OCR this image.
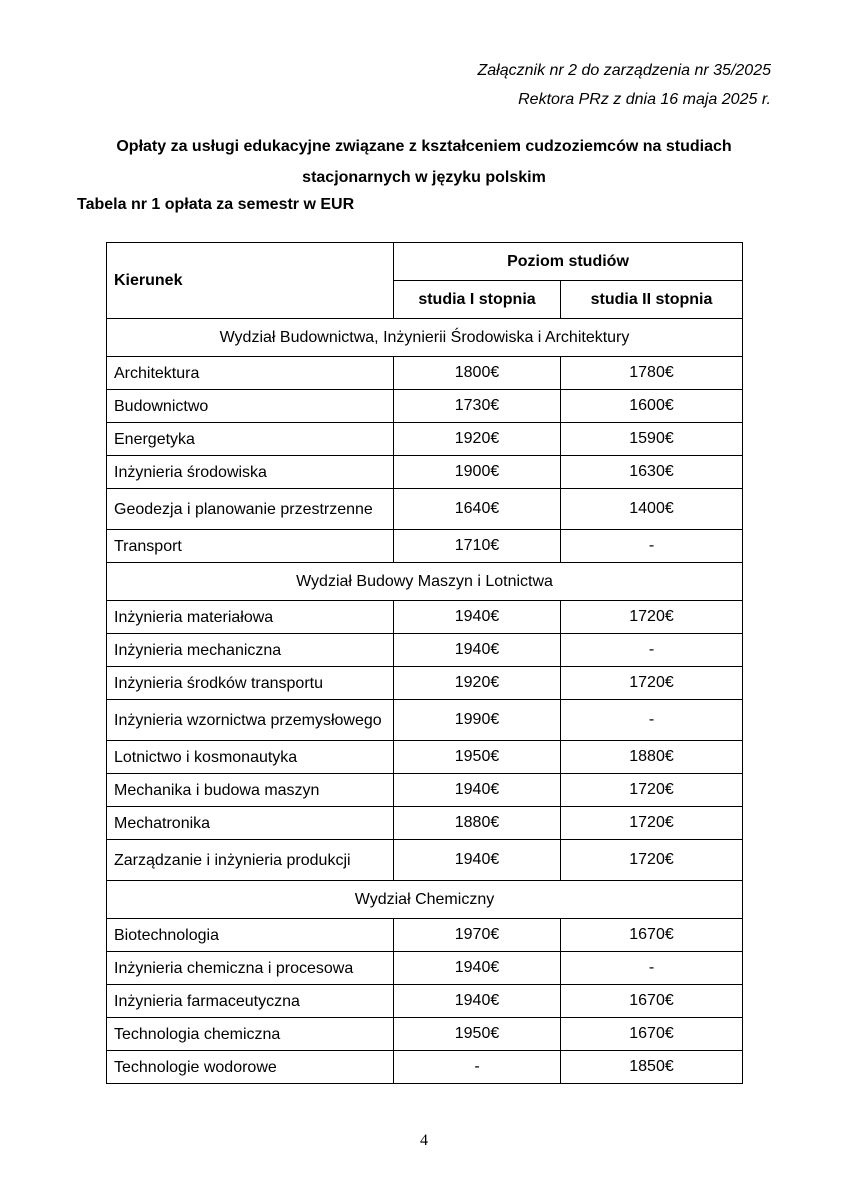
Załącznik nr 2 do zarządzenia nr 35/2025
Rektora PRz z dnia 16 maja 2025 r.
Opłaty za usługi edukacyjne związane z kształceniem cudzoziemców na studiach
stacjonarnych w języku polskim
Tabela nr 1 opłata za semestr w EUR
Kierunek	Poziom studiów	
	studia I stopnia	studia II stopnia
Wydział Budownictwa, Inżynierii Środowiska i Architektury		
Architektura	1800€	1780€
Budownictwo	1730€	1600€
Energetyka	1920€	1590€
Inżynieria środowiska	1900€	1630€
Geodezja i planowanie przestrzenne	1640€	1400€
Transport	1710€	-
Wydział Budowy Maszyn i Lotnictwa		
Inżynieria materiałowa	1940€	1720€
Inżynieria mechaniczna	1940€	-
Inżynieria środków transportu	1920€	1720€
Inżynieria wzornictwa przemysłowego	1990€	-
Lotnictwo i kosmonautyka	1950€	1880€
Mechanika i budowa maszyn	1940€	1720€
Mechatronika	1880€	1720€
Zarządzanie i inżynieria produkcji	1940€	1720€
Wydział Chemiczny		
Biotechnologia	1970€	1670€
Inżynieria chemiczna i procesowa	1940€	-
Inżynieria farmaceutyczna	1940€	1670€
Technologia chemiczna	1950€	1670€
Technologie wodorowe	-	1850€
4
